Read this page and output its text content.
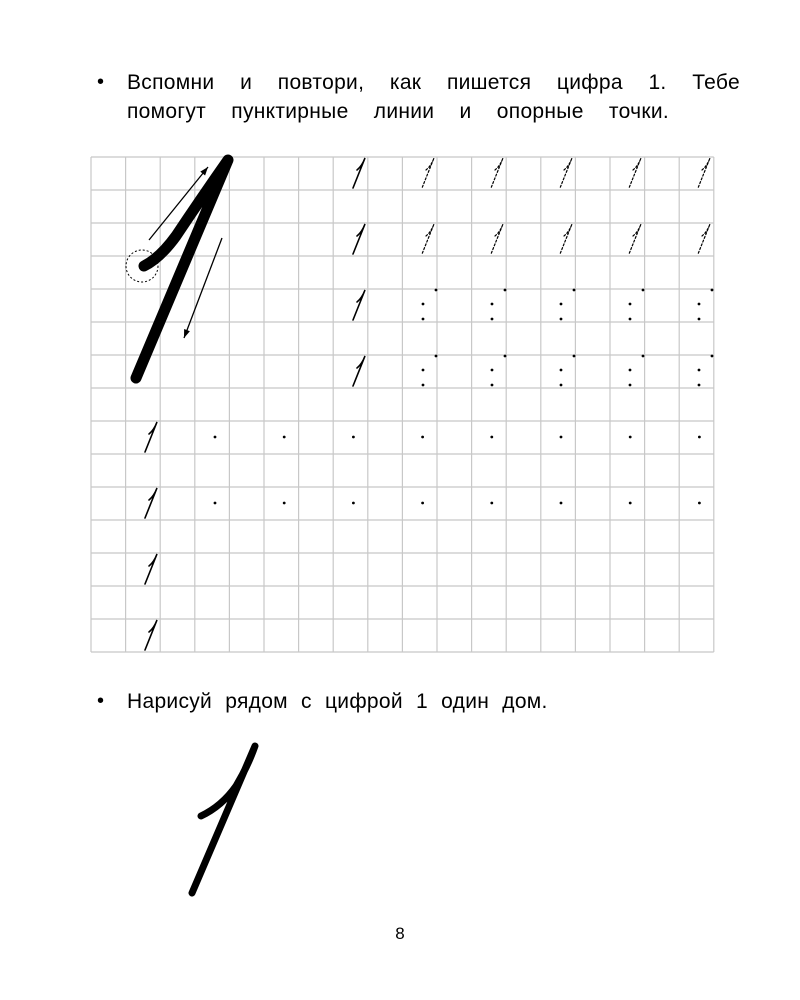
• Вспомни и повтори, как пишется цифра 1. Тебе
помогут пунктирные линии и опорные точки.
• Нарисуй рядом с цифрой 1 один дом.
8
